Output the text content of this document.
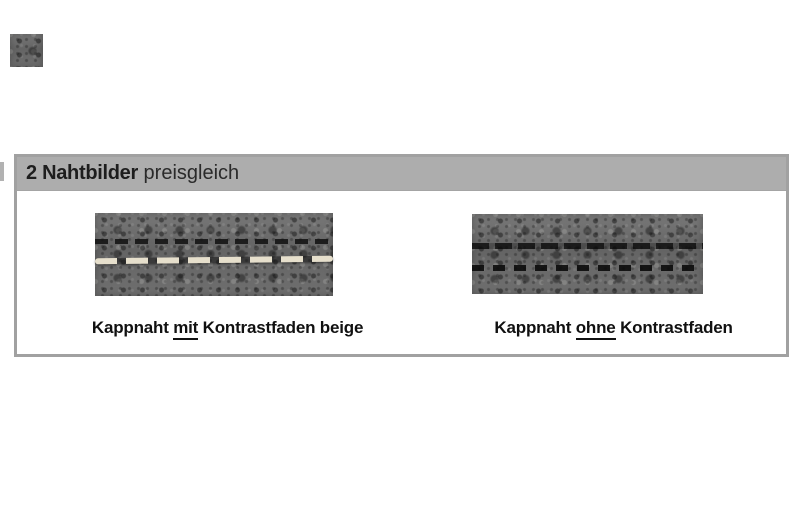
2 Nahtbilder preisgleich

Kappnaht mit Kontrastfaden beige
	Kappnaht ohne Kontrastfaden
